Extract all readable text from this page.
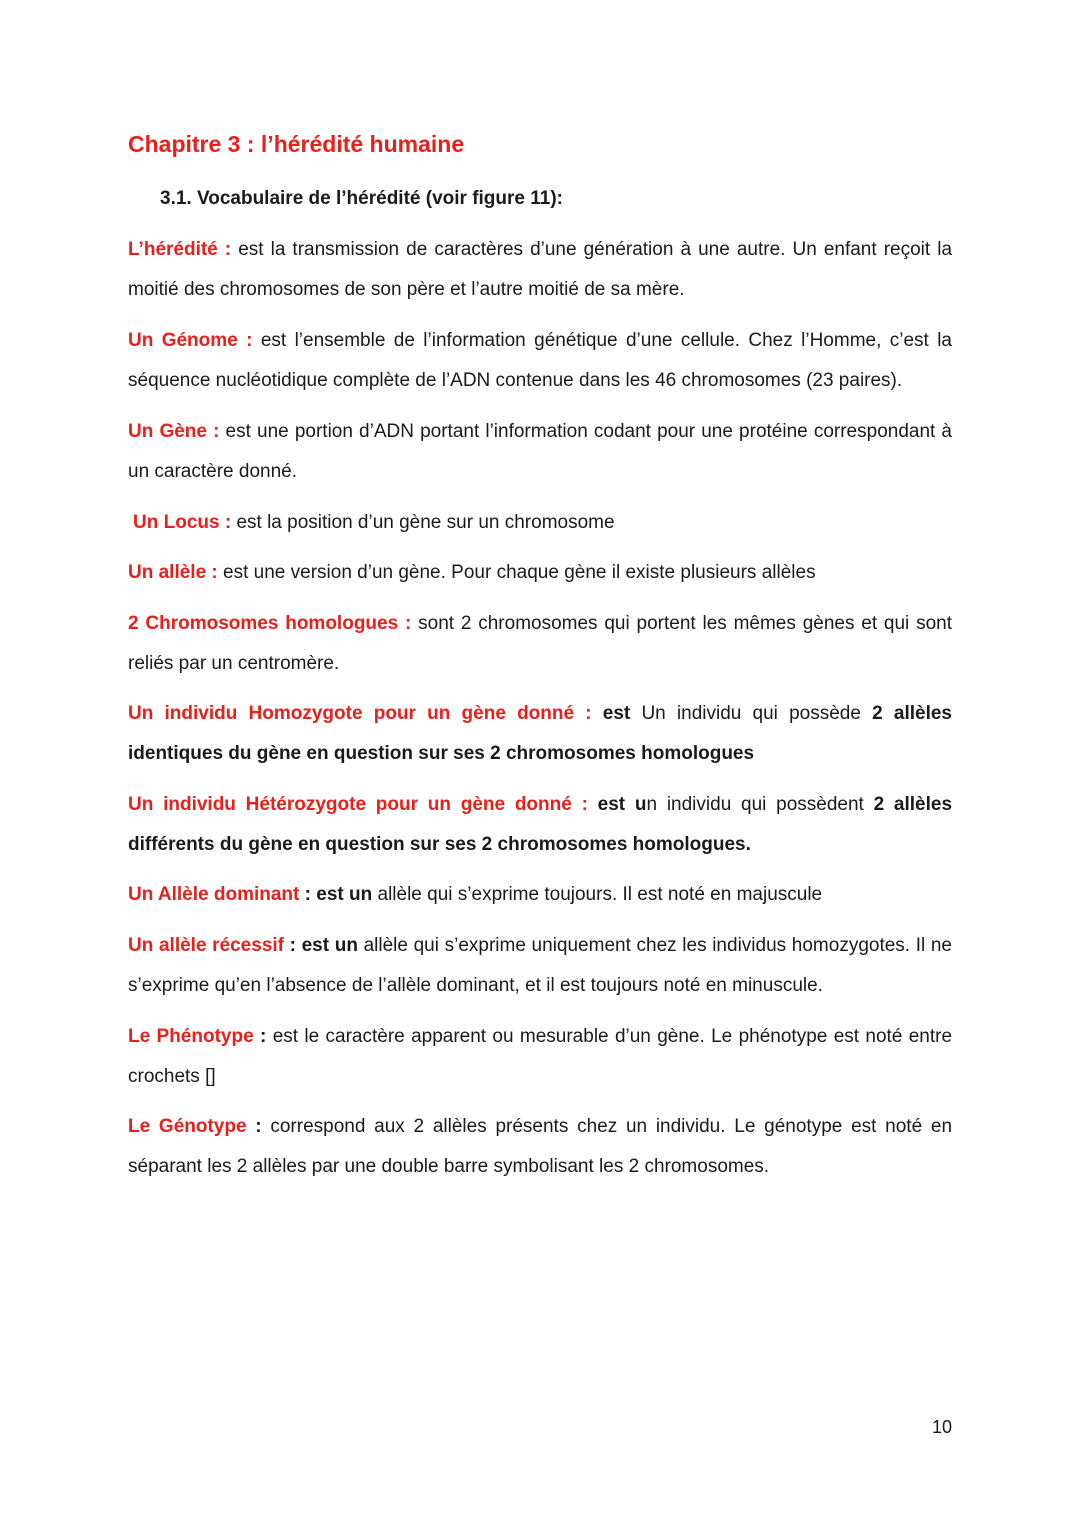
Chapitre 3 : l’hérédité humaine
3.1. Vocabulaire de l’hérédité (voir figure 11):

L’hérédité : est la transmission de caractères d’une génération à une autre. Un enfant reçoit la moitié des chromosomes de son père et l’autre moitié de sa mère.

Un Génome : est l’ensemble de l’information génétique d’une cellule. Chez l’Homme, c’est la séquence nucléotidique complète de l’ADN contenue dans les 46 chromosomes (23 paires).

Un Gène : est une portion d’ADN portant l’information codant pour une protéine correspondant à un caractère donné.

Un Locus : est la position d’un gène sur un chromosome

Un allèle : est une version d’un gène. Pour chaque gène il existe plusieurs allèles

2 Chromosomes homologues : sont 2 chromosomes qui portent les mêmes gènes et qui sont reliés par un centromère.

Un individu Homozygote pour un gène donné : est Un individu qui possède 2 allèles identiques du gène en question sur ses 2 chromosomes homologues

Un individu Hétérozygote pour un gène donné : est un individu qui possèdent 2 allèles différents du gène en question sur ses 2 chromosomes homologues.

Un Allèle dominant : est un allèle qui s’exprime toujours. Il est noté en majuscule

Un allèle récessif : est un allèle qui s’exprime uniquement chez les individus homozygotes. Il ne s’exprime qu’en l’absence de l’allèle dominant, et il est toujours noté en minuscule.

Le Phénotype : est le caractère apparent ou mesurable d’un gène. Le phénotype est noté entre crochets []

Le Génotype : correspond aux 2 allèles présents chez un individu. Le génotype est noté en séparant les 2 allèles par une double barre symbolisant les 2 chromosomes.

10
